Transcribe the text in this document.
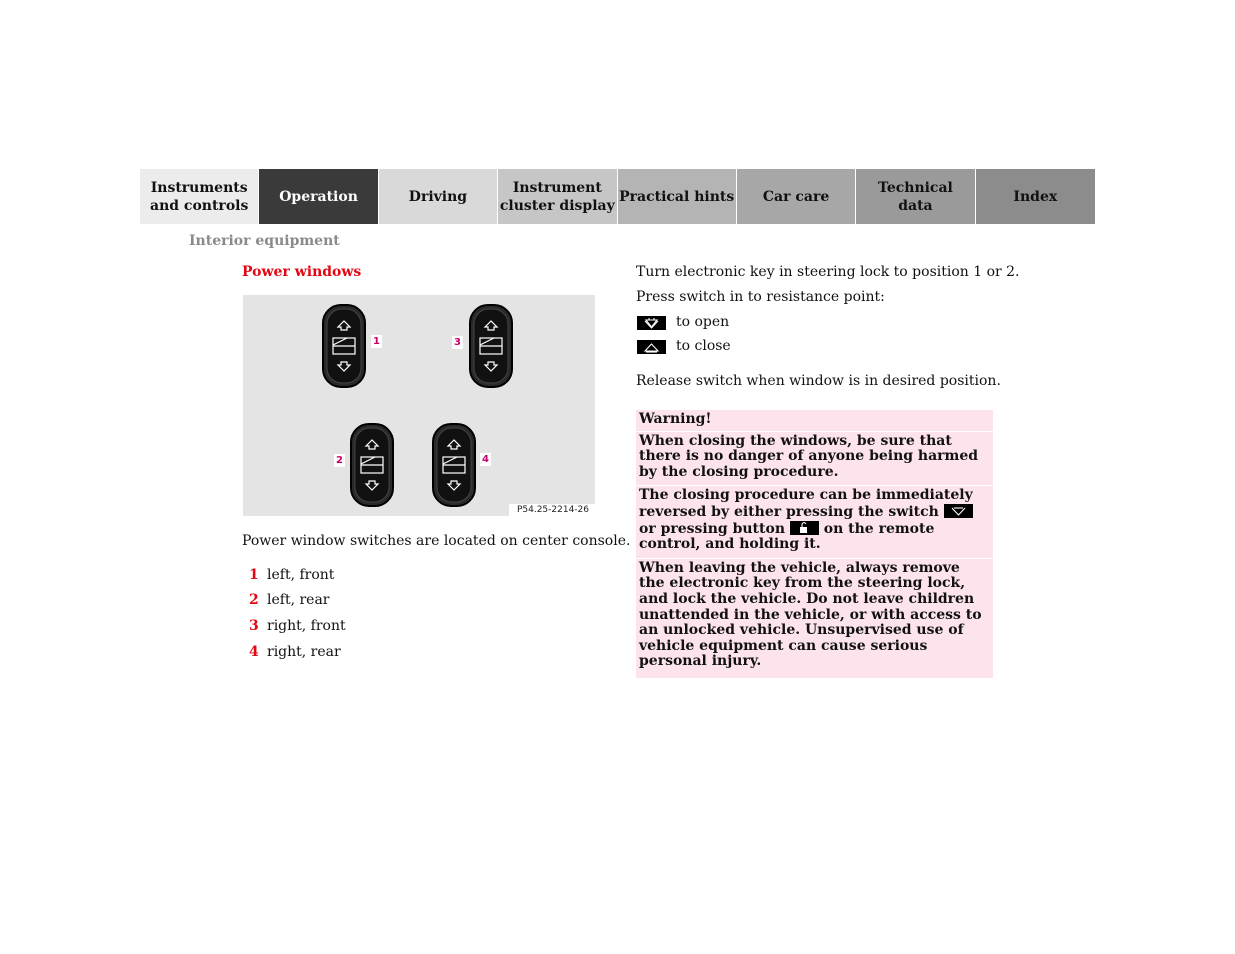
Instruments
and controls
Operation	Driving
Instrument
cluster display
Practical hints Car care
Technical
data
Index
Interior equipment
Power windows
1	3
2	4
P54.25-2214-26
Power window switches are located on center console.
1 left, front
2 left, rear
3 right, front
4 right, rear
Turn electronic key in steering lock to position 1 or 2.
Press switch in to resistance point:
to open
to close
Release switch when window is in desired position.
Warning!
When closing the windows, be sure that there is no danger of anyone being harmed by the closing procedure.
The closing procedure can be immediately reversed by either pressing the switch  or pressing button	on the remote control, and holding it.
When leaving the vehicle, always remove the electronic key from the steering lock, and lock the vehicle. Do not leave children unattended in the vehicle, or with access to an unlocked vehicle. Unsupervised use of vehicle equipment can cause serious personal injury.
